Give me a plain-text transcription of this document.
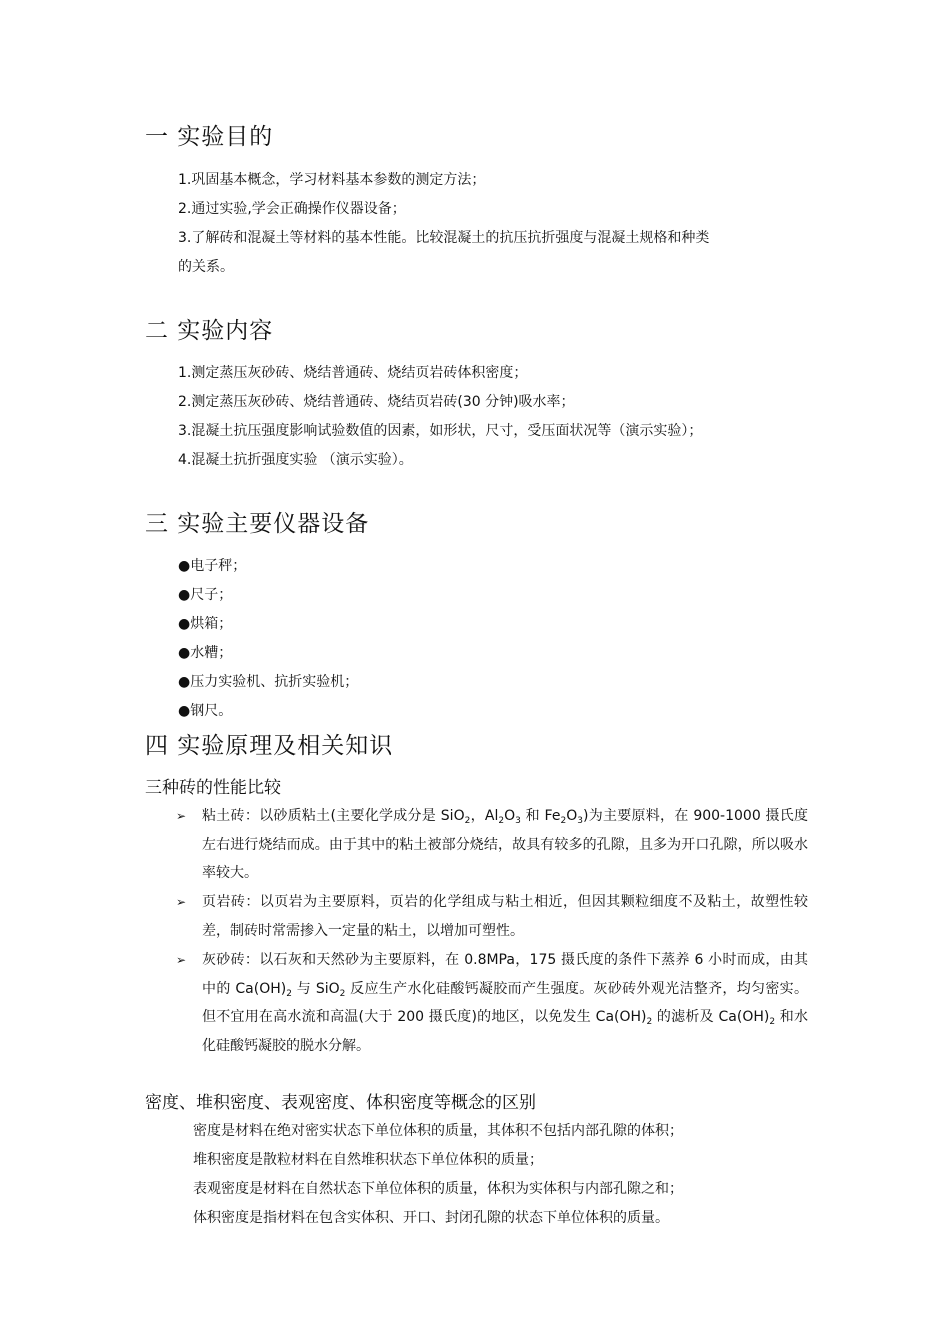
一 实验目的
1.巩固基本概念，学习材料基本参数的测定方法；
2.通过实验,学会正确操作仪器设备；
3.了解砖和混凝土等材料的基本性能。比较混凝土的抗压抗折强度与混凝土规格和种类
的关系。
二 实验内容
1.测定蒸压灰砂砖、烧结普通砖、烧结页岩砖体积密度；
2.测定蒸压灰砂砖、烧结普通砖、烧结页岩砖(30 分钟)吸水率；
3.混凝土抗压强度影响试验数值的因素，如形状，尺寸，受压面状况等（演示实验）；
4.混凝土抗折强度实验 （演示实验）。
三 实验主要仪器设备
●电子秤；
●尺子；
●烘箱；
●水糟；
●压力实验机、抗折实验机；
●钢尺。
四 实验原理及相关知识
三种砖的性能比较
➢ 粘土砖：以砂质粘土(主要化学成分是 SiO$_2$，$Al_2O_3$ 和 $Fe_2O_3$)为主要原料，在 900-1000 摄氏度左右进行烧结而成。由于其中的粘土被部分烧结，故具有较多的孔隙，且多为开口孔隙，所以吸水率较大。
➢ 页岩砖：以页岩为主要原料，页岩的化学组成与粘土相近，但因其颗粒细度不及粘土，故塑性较差，制砖时常需掺入一定量的粘土，以增加可塑性。
➢ 灰砂砖：以石灰和天然砂为主要原料，在 0.8MPa，175 摄氏度的条件下蒸养 6 小时而成，由其中的 $Ca(OH)_2$ 与 SiO$_2$ 反应生产水化硅酸钙凝胶而产生强度。灰砂砖外观光洁整齐，均匀密实。但不宜用在高水流和高温(大于 200 摄氏度)的地区，以免发生 $Ca(OH)_2$ 的滤析及 $Ca(OH)_2$ 和水化硅酸钙凝胶的脱水分解。
密度、堆积密度、表观密度、体积密度等概念的区别
密度是材料在绝对密实状态下单位体积的质量，其体积不包括内部孔隙的体积；
堆积密度是散粒材料在自然堆积状态下单位体积的质量；
表观密度是材料在自然状态下单位体积的质量，体积为实体积与内部孔隙之和；
体积密度是指材料在包含实体积、开口、封闭孔隙的状态下单位体积的质量。
